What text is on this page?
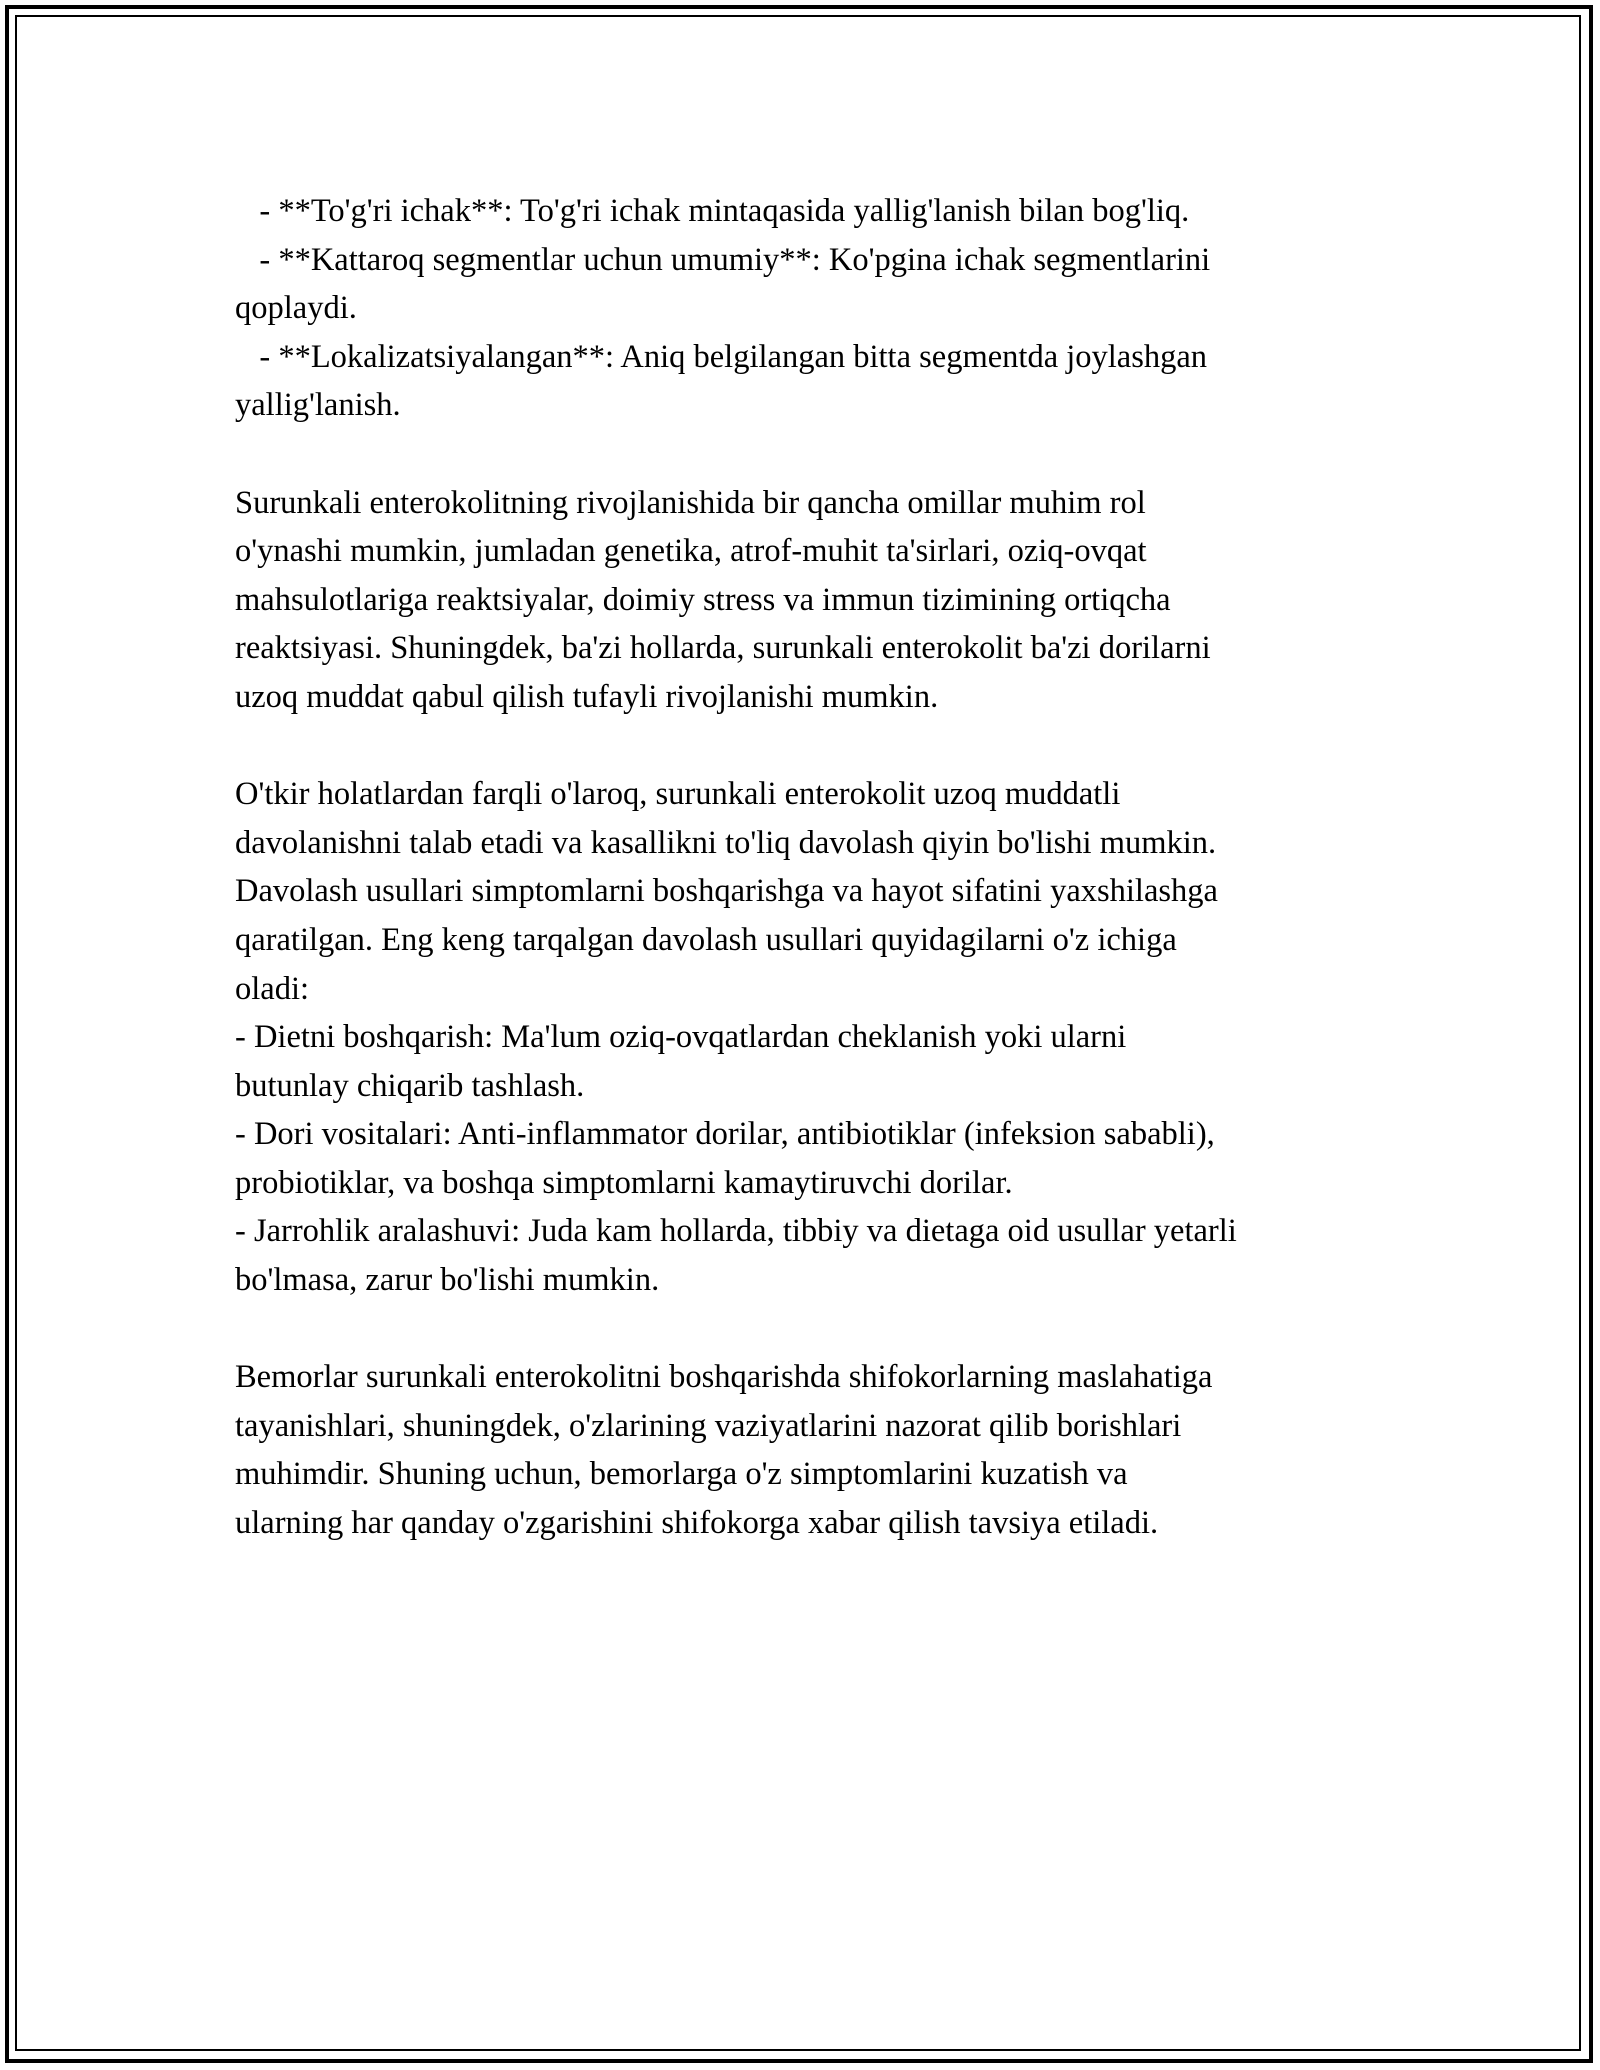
- **To'g'ri ichak**: To'g'ri ichak mintaqasida yallig'lanish bilan bog'liq.
- **Kattaroq segmentlar uchun umumiy**: Ko'pgina ichak segmentlarini
qoplaydi.
- **Lokalizatsiyalangan**: Aniq belgilangan bitta segmentda joylashgan
yallig'lanish.
Surunkali enterokolitning rivojlanishida bir qancha omillar muhim rol
o'ynashi mumkin, jumladan genetika, atrof-muhit ta'sirlari, oziq-ovqat
mahsulotlariga reaktsiyalar, doimiy stress va immun tizimining ortiqcha
reaktsiyasi. Shuningdek, ba'zi hollarda, surunkali enterokolit ba'zi dorilarni
uzoq muddat qabul qilish tufayli rivojlanishi mumkin.
O'tkir holatlardan farqli o'laroq, surunkali enterokolit uzoq muddatli
davolanishni talab etadi va kasallikni to'liq davolash qiyin bo'lishi mumkin.
Davolash usullari simptomlarni boshqarishga va hayot sifatini yaxshilashga
qaratilgan. Eng keng tarqalgan davolash usullari quyidagilarni o'z ichiga
oladi:
- Dietni boshqarish: Ma'lum oziq-ovqatlardan cheklanish yoki ularni
butunlay chiqarib tashlash.
- Dori vositalari: Anti-inflammator dorilar, antibiotiklar (infeksion sababli),
probiotiklar, va boshqa simptomlarni kamaytiruvchi dorilar.
- Jarrohlik aralashuvi: Juda kam hollarda, tibbiy va dietaga oid usullar yetarli
bo'lmasa, zarur bo'lishi mumkin.
Bemorlar surunkali enterokolitni boshqarishda shifokorlarning maslahatiga
tayanishlari, shuningdek, o'zlarining vaziyatlarini nazorat qilib borishlari
muhimdir. Shuning uchun, bemorlarga o'z simptomlarini kuzatish va
ularning har qanday o'zgarishini shifokorga xabar qilish tavsiya etiladi.
